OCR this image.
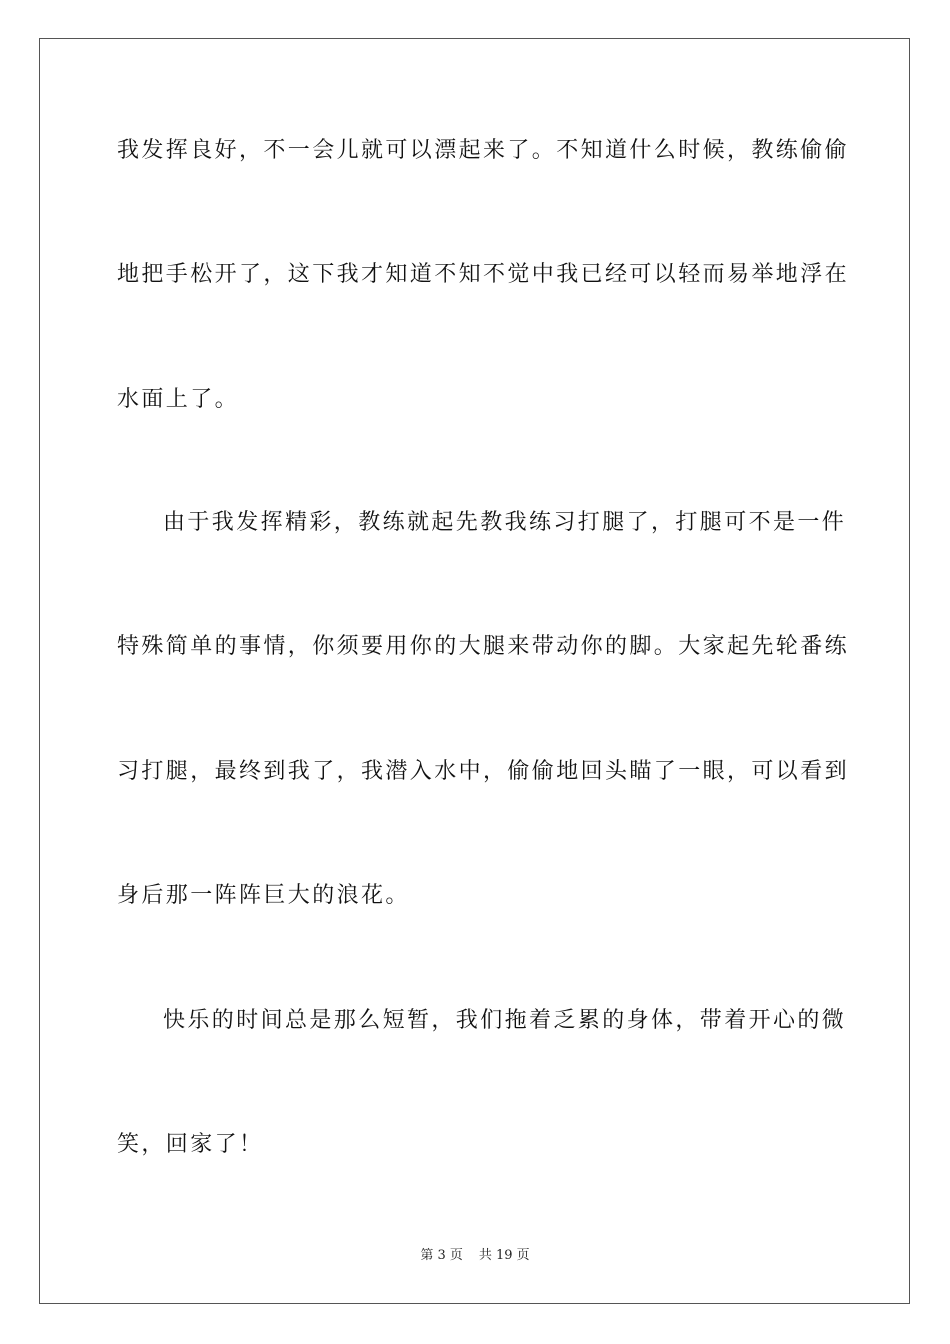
我发挥良好，不一会儿就可以漂起来了。不知道什么时候，教练偷偷
地把手松开了，这下我才知道不知不觉中我已经可以轻而易举地浮在
水面上了。
由于我发挥精彩，教练就起先教我练习打腿了，打腿可不是一件
特殊简单的事情，你须要用你的大腿来带动你的脚。大家起先轮番练
习打腿，最终到我了，我潜入水中，偷偷地回头瞄了一眼，可以看到
身后那一阵阵巨大的浪花。
快乐的时间总是那么短暂，我们拖着乏累的身体，带着开心的微
笑，回家了！
第 3 页 共 19 页
